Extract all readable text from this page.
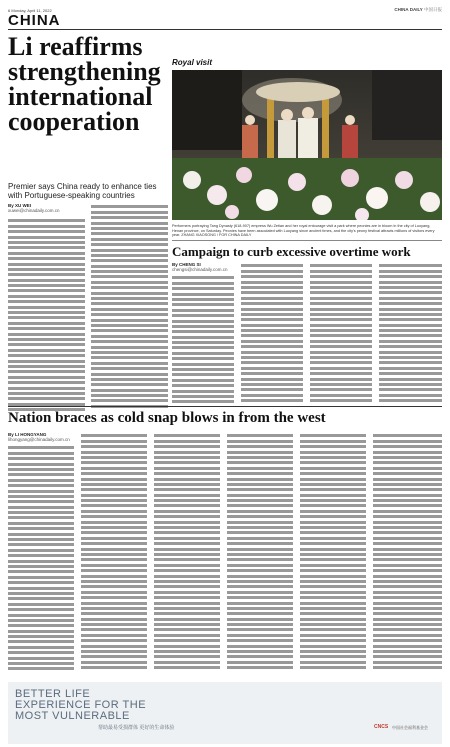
6 Monday, April 11, 2022	CHINA DAILY 中国日报
CHINA
Li reaffirms strengthening international cooperation
Premier says China ready to enhance ties with Portuguese-speaking countries
By XU WEI
xuwei@chinadaily.com.cn
Royal visit
Performers portraying Tang Dynasty (618-907) empress Wu Zetian and her royal entourage visit a park where peonies are in bloom in the city of Luoyang, Henan province, on Saturday. Peonies have been associated with Luoyang since ancient times, and the city's peony festival attracts millions of visitors every year. ZHANG XIAOSONG / FOR CHINA DAILY
Campaign to curb excessive overtime work
By CHENG SI
chengsi@chinadaily.com.cn
Nation braces as cold snap blows in from the west
By LI HONGYANG
lihongyang@chinadaily.com.cn
BETTER LIFE EXPERIENCE FOR THE MOST VULNERABLE
帮助最易受损群体 更好的生命体验	CNCS 中国社会福利基金会
